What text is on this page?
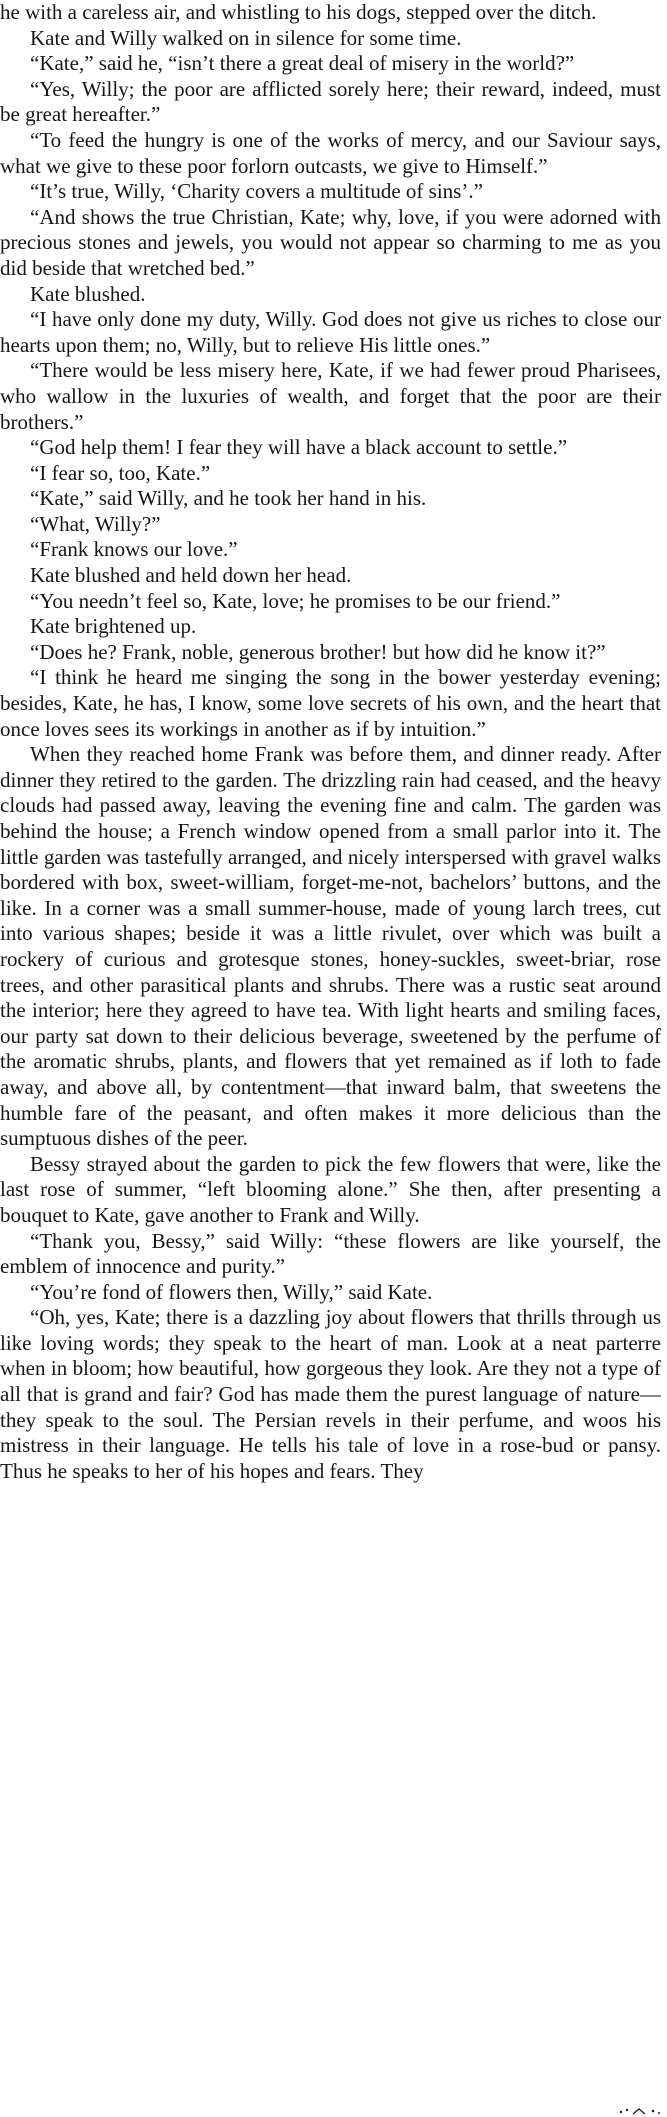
he with a careless air, and whistling to his dogs, stepped over the ditch.

Kate and Willy walked on in silence for some time.

“Kate,” said he, “isn’t there a great deal of misery in the world?”

“Yes, Willy; the poor are afflicted sorely here; their reward, indeed, must be great hereafter.”

“To feed the hungry is one of the works of mercy, and our Saviour says, what we give to these poor forlorn outcasts, we give to Himself.”

“It’s true, Willy, ‘Charity covers a multitude of sins’.”

“And shows the true Christian, Kate; why, love, if you were adorned with precious stones and jewels, you would not appear so charming to me as you did beside that wretched bed.”

Kate blushed.

“I have only done my duty, Willy. God does not give us riches to close our hearts upon them; no, Willy, but to relieve His little ones.”

“There would be less misery here, Kate, if we had fewer proud Pharisees, who wallow in the luxuries of wealth, and forget that the poor are their brothers.”

“God help them! I fear they will have a black account to settle.”

“I fear so, too, Kate.”

“Kate,” said Willy, and he took her hand in his.

“What, Willy?”

“Frank knows our love.”

Kate blushed and held down her head.

“You needn’t feel so, Kate, love; he promises to be our friend.”

Kate brightened up.

“Does he? Frank, noble, generous brother! but how did he know it?”

“I think he heard me singing the song in the bower yesterday evening; besides, Kate, he has, I know, some love secrets of his own, and the heart that once loves sees its workings in another as if by intuition.”

When they reached home Frank was before them, and dinner ready. After dinner they retired to the garden. The drizzling rain had ceased, and the heavy clouds had passed away, leaving the evening fine and calm. The garden was behind the house; a French window opened from a small parlor into it. The little garden was tastefully arranged, and nicely interspersed with gravel walks bordered with box, sweet-william, forget-me-not, bachelors’ buttons, and the like. In a corner was a small summer-house, made of young larch trees, cut into various shapes; beside it was a little rivulet, over which was built a rockery of curious and grotesque stones, honey-suckles, sweet-briar, rose trees, and other parasitical plants and shrubs. There was a rustic seat around the interior; here they agreed to have tea. With light hearts and smiling faces, our party sat down to their delicious beverage, sweetened by the perfume of the aromatic shrubs, plants, and flowers that yet remained as if loth to fade away, and above all, by contentment—that inward balm, that sweetens the humble fare of the peasant, and often makes it more delicious than the sumptuous dishes of the peer.

Bessy strayed about the garden to pick the few flowers that were, like the last rose of summer, “left blooming alone.” She then, after presenting a bouquet to Kate, gave another to Frank and Willy.

“Thank you, Bessy,” said Willy: “these flowers are like yourself, the emblem of innocence and purity.”

“You’re fond of flowers then, Willy,” said Kate.

“Oh, yes, Kate; there is a dazzling joy about flowers that thrills through us like loving words; they speak to the heart of man. Look at a neat parterre when in bloom; how beautiful, how gorgeous they look. Are they not a type of all that is grand and fair? God has made them the purest language of nature—they speak to the soul. The Persian revels in their perfume, and woos his mistress in their language. He tells his tale of love in a rose-bud or pansy. Thus he speaks to her of his hopes and fears. They
